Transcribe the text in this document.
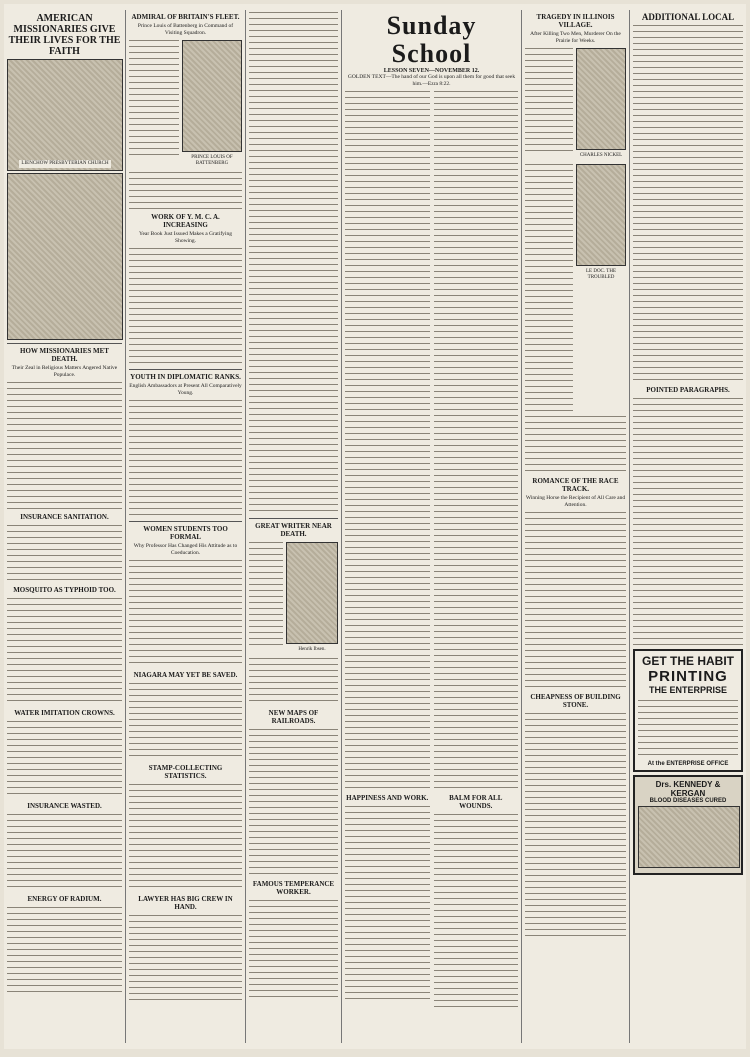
AMERICAN MISSIONARIES GIVE THEIR LIVES FOR THE FAITH
LIENCHOW PRESBYTERIAN CHURCH
HOW MISSIONARIES MET DEATH.
Their Zeal in Religious Matters Angered Native Populace.
INSURANCE SANITATION.
MOSQUITO AS TYPHOID TOO.
WATER IMITATION CROWNS.
INSURANCE WASTED.
ENERGY OF RADIUM.
ADMIRAL OF BRITAIN'S FLEET.
Prince Louis of Battenberg in Command of Visiting Squadron.
PRINCE LOUIS OF BATTENBERG
WORK OF Y. M. C. A. INCREASING
Year Book Just Issued Makes a Gratifying Showing.
YOUTH IN DIPLOMATIC RANKS.
English Ambassadors at Present All Comparatively Young.
WOMEN STUDENTS TOO FORMAL
Why Professor Has Changed His Attitude as to Coeducation.
NIAGARA MAY YET BE SAVED.
STAMP-COLLECTING STATISTICS.
LAWYER HAS BIG CREW IN HAND.
GREAT WRITER NEAR DEATH.
Henrik Ibsen.
NEW MAPS OF RAILROADS.
FAMOUS TEMPERANCE WORKER.
Sunday School
LESSON SEVEN—NOVEMBER 12.
GOLDEN TEXT—The hand of our God is upon all them for good that seek him.—Ezra 8:22.
HAPPINESS AND WORK.	BALM FOR ALL WOUNDS.
TRAGEDY IN ILLINOIS VILLAGE.
After Killing Two Men, Murderer On the Prairie for Weeks.
CHARLES NICKEL
LE DOC. THE TROUBLED
ROMANCE OF THE RACE TRACK.
Winning Horse the Recipient of All Care and Attention.
CHEAPNESS OF BUILDING STONE.
ADDITIONAL LOCAL
POINTED PARAGRAPHS.
GET THE HABIT
PRINTING
THE ENTERPRISE
At the ENTERPRISE OFFICE
Drs. KENNEDY & KERGAN
BLOOD DISEASES CURED
